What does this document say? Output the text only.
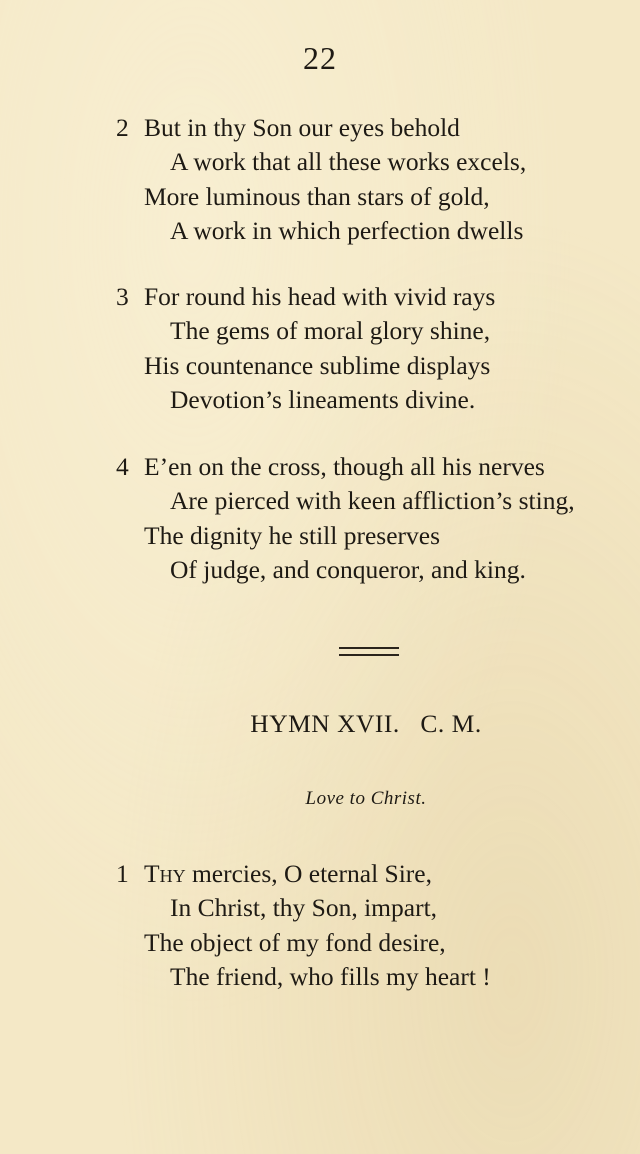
22
2 But in thy Son our eyes behold
A work that all these works excels,
More luminous than stars of gold,
A work in which perfection dwells
3 For round his head with vivid rays
The gems of moral glory shine,
His countenance sublime displays
Devotion’s lineaments divine.
4 E’en on the cross, though all his nerves
Are pierced with keen affliction’s sting,
The dignity he still preserves
Of judge, and conqueror, and king.
HYMN XVII.   C. M.
Love to Christ.
1 Thy mercies, O eternal Sire,
In Christ, thy Son, impart,
The object of my fond desire,
The friend, who fills my heart !
